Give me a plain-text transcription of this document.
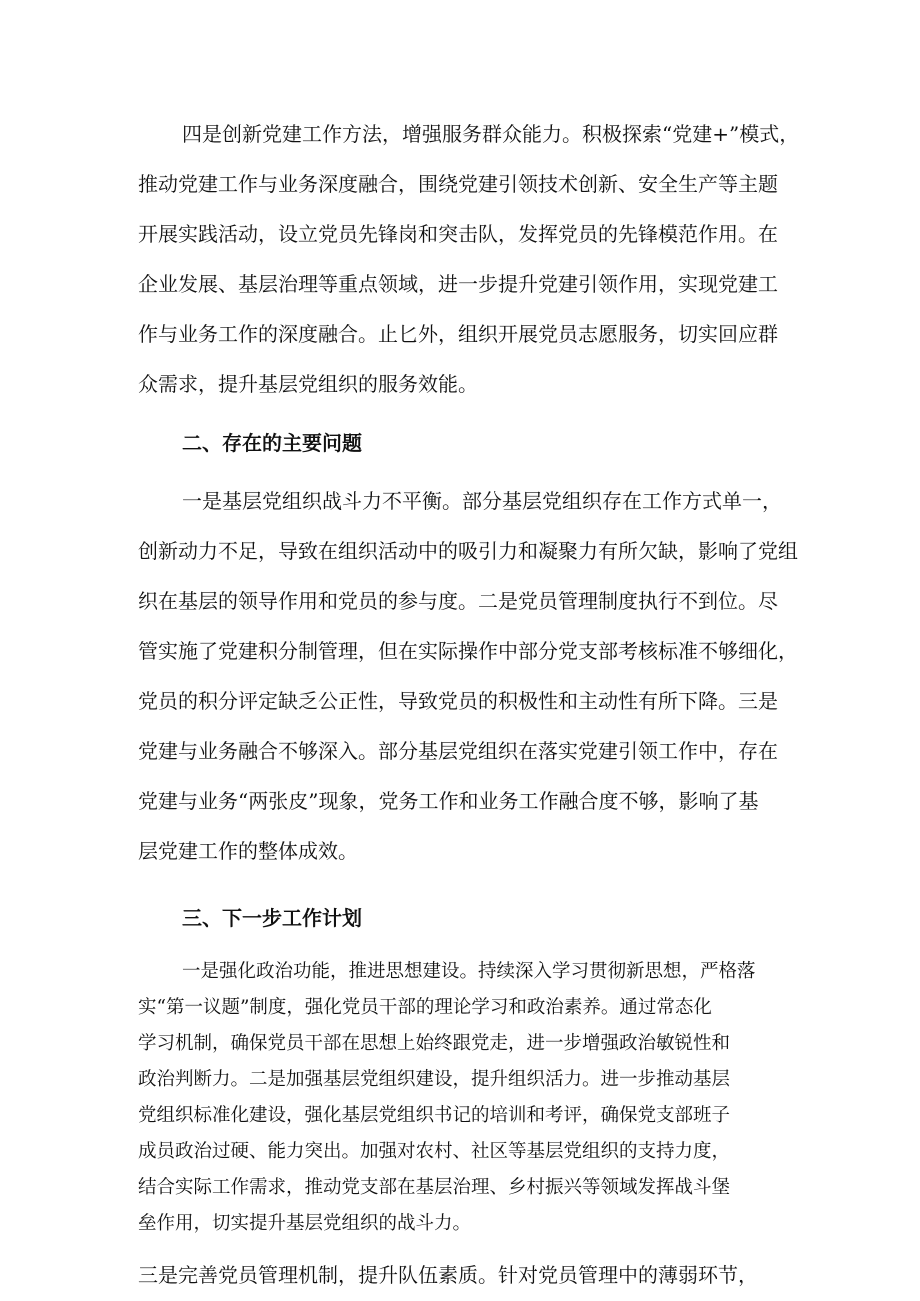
四是创新党建工作方法，增强服务群众能力。积极探索“党建+”模式，
推动党建工作与业务深度融合，围绕党建引领技术创新、安全生产等主题
开展实践活动，设立党员先锋岗和突击队，发挥党员的先锋模范作用。在
企业发展、基层治理等重点领域，进一步提升党建引领作用，实现党建工
作与业务工作的深度融合。止匕外，组织开展党员志愿服务，切实回应群
众需求，提升基层党组织的服务效能。
二、存在的主要问题
一是基层党组织战斗力不平衡。部分基层党组织存在工作方式单一，
创新动力不足，导致在组织活动中的吸引力和凝聚力有所欠缺，影响了党组
织在基层的领导作用和党员的参与度。二是党员管理制度执行不到位。尽
管实施了党建积分制管理，但在实际操作中部分党支部考核标准不够细化，
党员的积分评定缺乏公正性，导致党员的积极性和主动性有所下降。三是
党建与业务融合不够深入。部分基层党组织在落实党建引领工作中，存在
党建与业务“两张皮”现象，党务工作和业务工作融合度不够，影响了基
层党建工作的整体成效。
三、下一步工作计划
一是强化政治功能，推进思想建设。持续深入学习贯彻新思想，严格落
实“第一议题”制度，强化党员干部的理论学习和政治素养。通过常态化
学习机制，确保党员干部在思想上始终跟党走，进一步增强政治敏锐性和
政治判断力。二是加强基层党组织建设，提升组织活力。进一步推动基层
党组织标准化建设，强化基层党组织书记的培训和考评，确保党支部班子
成员政治过硬、能力突出。加强对农村、社区等基层党组织的支持力度，
结合实际工作需求，推动党支部在基层治理、乡村振兴等领域发挥战斗堡
垒作用，切实提升基层党组织的战斗力。
三是完善党员管理机制，提升队伍素质。针对党员管理中的薄弱环节，
